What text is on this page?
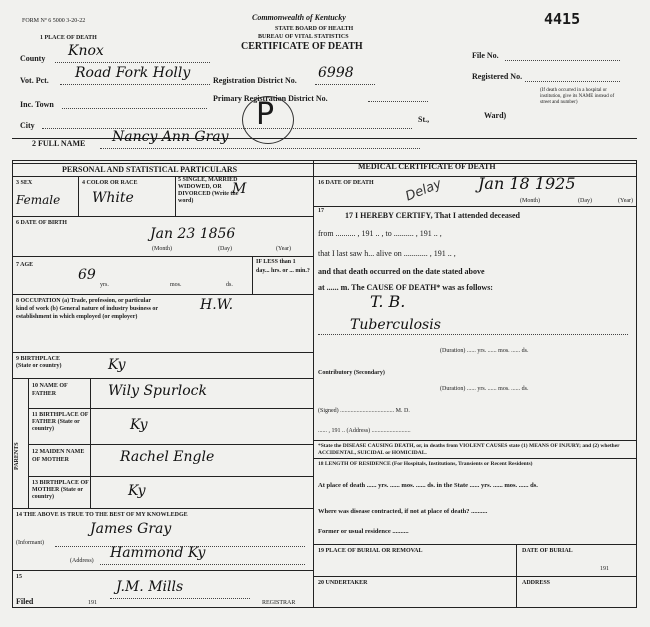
FORM Nº 6 5000 3-20-22	Commonwealth of Kentucky
STATE BOARD OF HEALTH
BUREAU OF VITAL STATISTICS
CERTIFICATE OF DEATH
4415
1 PLACE OF DEATH
County Knox
Vot. Pct. Road Fork Holly	Registration District No. 6998
Primary Registration District No.
Inc. Town
City
St.,	Ward)
File No.
Registered No.
(If death occurred in a hospital or institution, give its NAME instead of street and number)
P
2 FULL NAME Nancy Ann Gray
PERSONAL AND STATISTICAL PARTICULARS	MEDICAL CERTIFICATE OF DEATH
3 SEX
Female
4 COLOR OR RACE
White
5 SINGLE, MARRIED WIDOWED, OR DIVORCED (Write the word)
M
6 DATE OF BIRTH
Jan 23 1856
(Month)	(Day)	(Year)
7 AGE
69
yrs.	mos.	ds.
IF LESS than 1 day... hrs. or ... min.?
8 OCCUPATION (a) Trade, profession, or particular kind of work (b) General nature of industry business or establishment in which employed (or employer)
H.W.
9 BIRTHPLACE (State or country)	Ky
PARENTS
10 NAME OF FATHER	Wily Spurlock
11 BIRTHPLACE OF FATHER (State or country)	Ky
12 MAIDEN NAME OF MOTHER	Rachel Engle
13 BIRTHPLACE OF MOTHER (State or country)	Ky
14 THE ABOVE IS TRUE TO THE BEST OF MY KNOWLEDGE
(Informant)
James Gray
(Address) Hammond Ky
15
Filed	191
J.M. Mills
REGISTRAR
16 DATE OF DEATH	Jan 18 1925
Delay	(Month)	(Day)	(Year)
17	17 I HEREBY CERTIFY, That I attended deceased
from .......... , 191 .. , to .......... , 191 .. ,
that I last saw h... alive on ............ , 191 .. ,
and that death occurred on the date stated above
at ...... m. The CAUSE OF DEATH* was as follows:
T. B.
Tuberculosis
(Duration) ...... yrs. ...... mos. ...... ds.
Contributory (Secondary)
(Duration) ...... yrs. ...... mos. ...... ds.
(Signed) .................................... M. D.
...... , 191 .. (Address) ..........................
*State the DISEASE CAUSING DEATH, or, in deaths from VIOLENT CAUSES state (1) MEANS OF INJURY; and (2) whether ACCIDENTAL, SUICIDAL or HOMICIDAL.
18 LENGTH OF RESIDENCE (For Hospitals, Institutions, Transients or Recent Residents)
At place of death ...... yrs. ...... mos. ...... ds. in the State ...... yrs. ...... mos. ...... ds.
Where was disease contracted, if not at place of death? ..........
Former or usual residence ..........
19 PLACE OF BURIAL OR REMOVAL	DATE OF BURIAL
191
20 UNDERTAKER	ADDRESS
